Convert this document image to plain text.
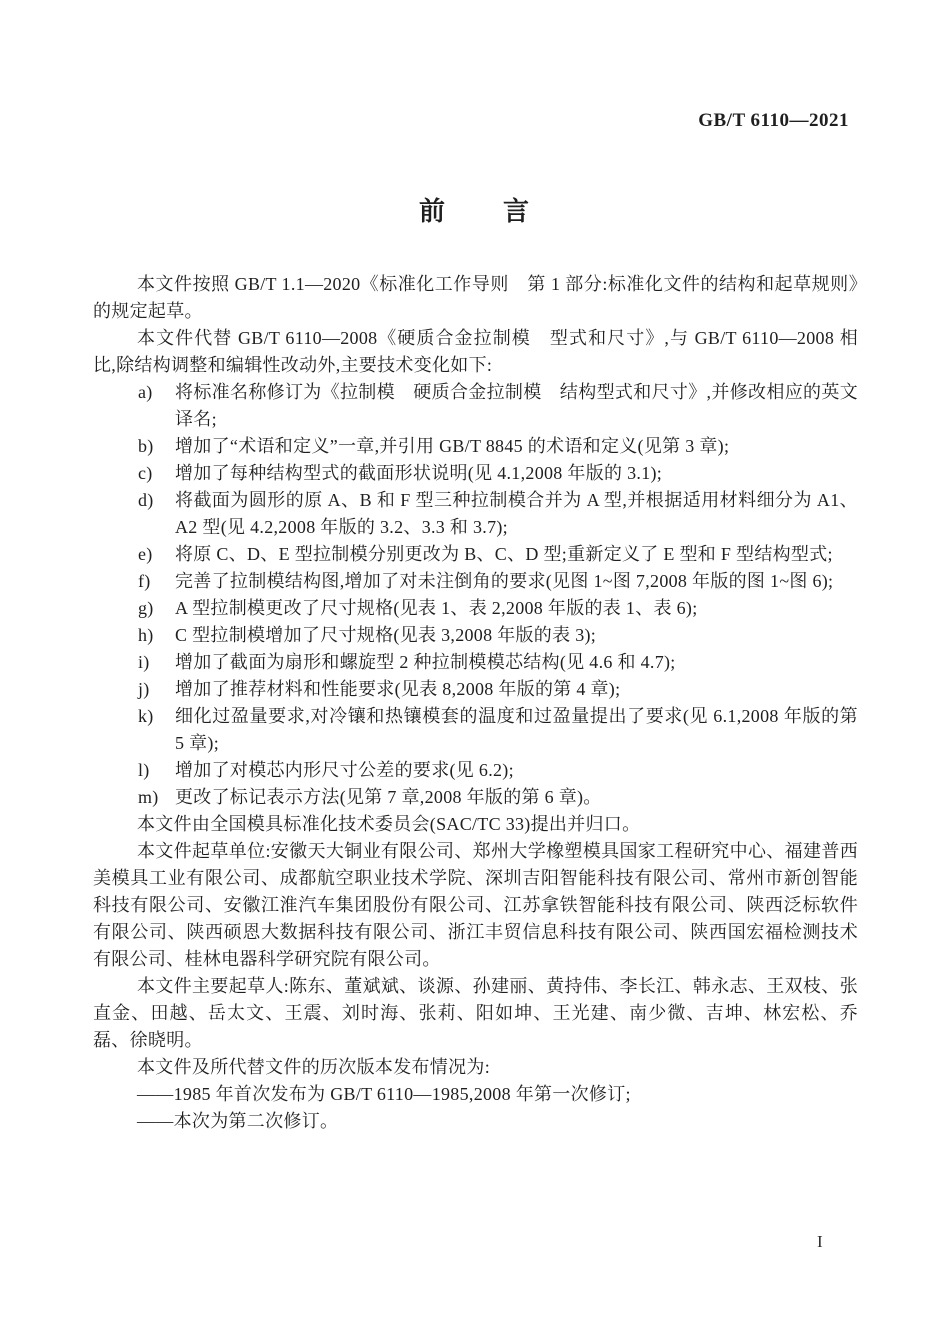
GB/T 6110—2021
前　　言

本文件按照 GB/T 1.1—2020《标准化工作导则　第 1 部分:标准化文件的结构和起草规则》的规定起草。

本文件代替 GB/T 6110—2008《硬质合金拉制模　型式和尺寸》,与 GB/T 6110—2008 相比,除结构调整和编辑性改动外,主要技术变化如下:

a) 将标准名称修订为《拉制模　硬质合金拉制模　结构型式和尺寸》,并修改相应的英文译名;
b) 增加了“术语和定义”一章,并引用 GB/T 8845 的术语和定义(见第 3 章);
c) 增加了每种结构型式的截面形状说明(见 4.1,2008 年版的 3.1);
d) 将截面为圆形的原 A、B 和 F 型三种拉制模合并为 A 型,并根据适用材料细分为 A1、A2 型(见 4.2,2008 年版的 3.2、3.3 和 3.7);
e) 将原 C、D、E 型拉制模分别更改为 B、C、D 型;重新定义了 E 型和 F 型结构型式;
f) 完善了拉制模结构图,增加了对未注倒角的要求(见图 1~图 7,2008 年版的图 1~图 6);
g) A 型拉制模更改了尺寸规格(见表 1、表 2,2008 年版的表 1、表 6);
h) C 型拉制模增加了尺寸规格(见表 3,2008 年版的表 3);
i) 增加了截面为扇形和螺旋型 2 种拉制模模芯结构(见 4.6 和 4.7);
j) 增加了推荐材料和性能要求(见表 8,2008 年版的第 4 章);
k) 细化过盈量要求,对冷镶和热镶模套的温度和过盈量提出了要求(见 6.1,2008 年版的第 5 章);
l) 增加了对模芯内形尺寸公差的要求(见 6.2);
m) 更改了标记表示方法(见第 7 章,2008 年版的第 6 章)。

本文件由全国模具标准化技术委员会(SAC/TC 33)提出并归口。

本文件起草单位:安徽天大铜业有限公司、郑州大学橡塑模具国家工程研究中心、福建普西美模具工业有限公司、成都航空职业技术学院、深圳吉阳智能科技有限公司、常州市新创智能科技有限公司、安徽江淮汽车集团股份有限公司、江苏拿铁智能科技有限公司、陕西泛标软件有限公司、陕西硕恩大数据科技有限公司、浙江丰贸信息科技有限公司、陕西国宏福检测技术有限公司、桂林电器科学研究院有限公司。

本文件主要起草人:陈东、董斌斌、谈源、孙建丽、黄持伟、李长江、韩永志、王双枝、张直金、田越、岳太文、王震、刘时海、张莉、阳如坤、王光建、南少微、吉坤、林宏松、乔磊、徐晓明。

本文件及所代替文件的历次版本发布情况为:

——1985 年首次发布为 GB/T 6110—1985,2008 年第一次修订;

——本次为第二次修订。

I
